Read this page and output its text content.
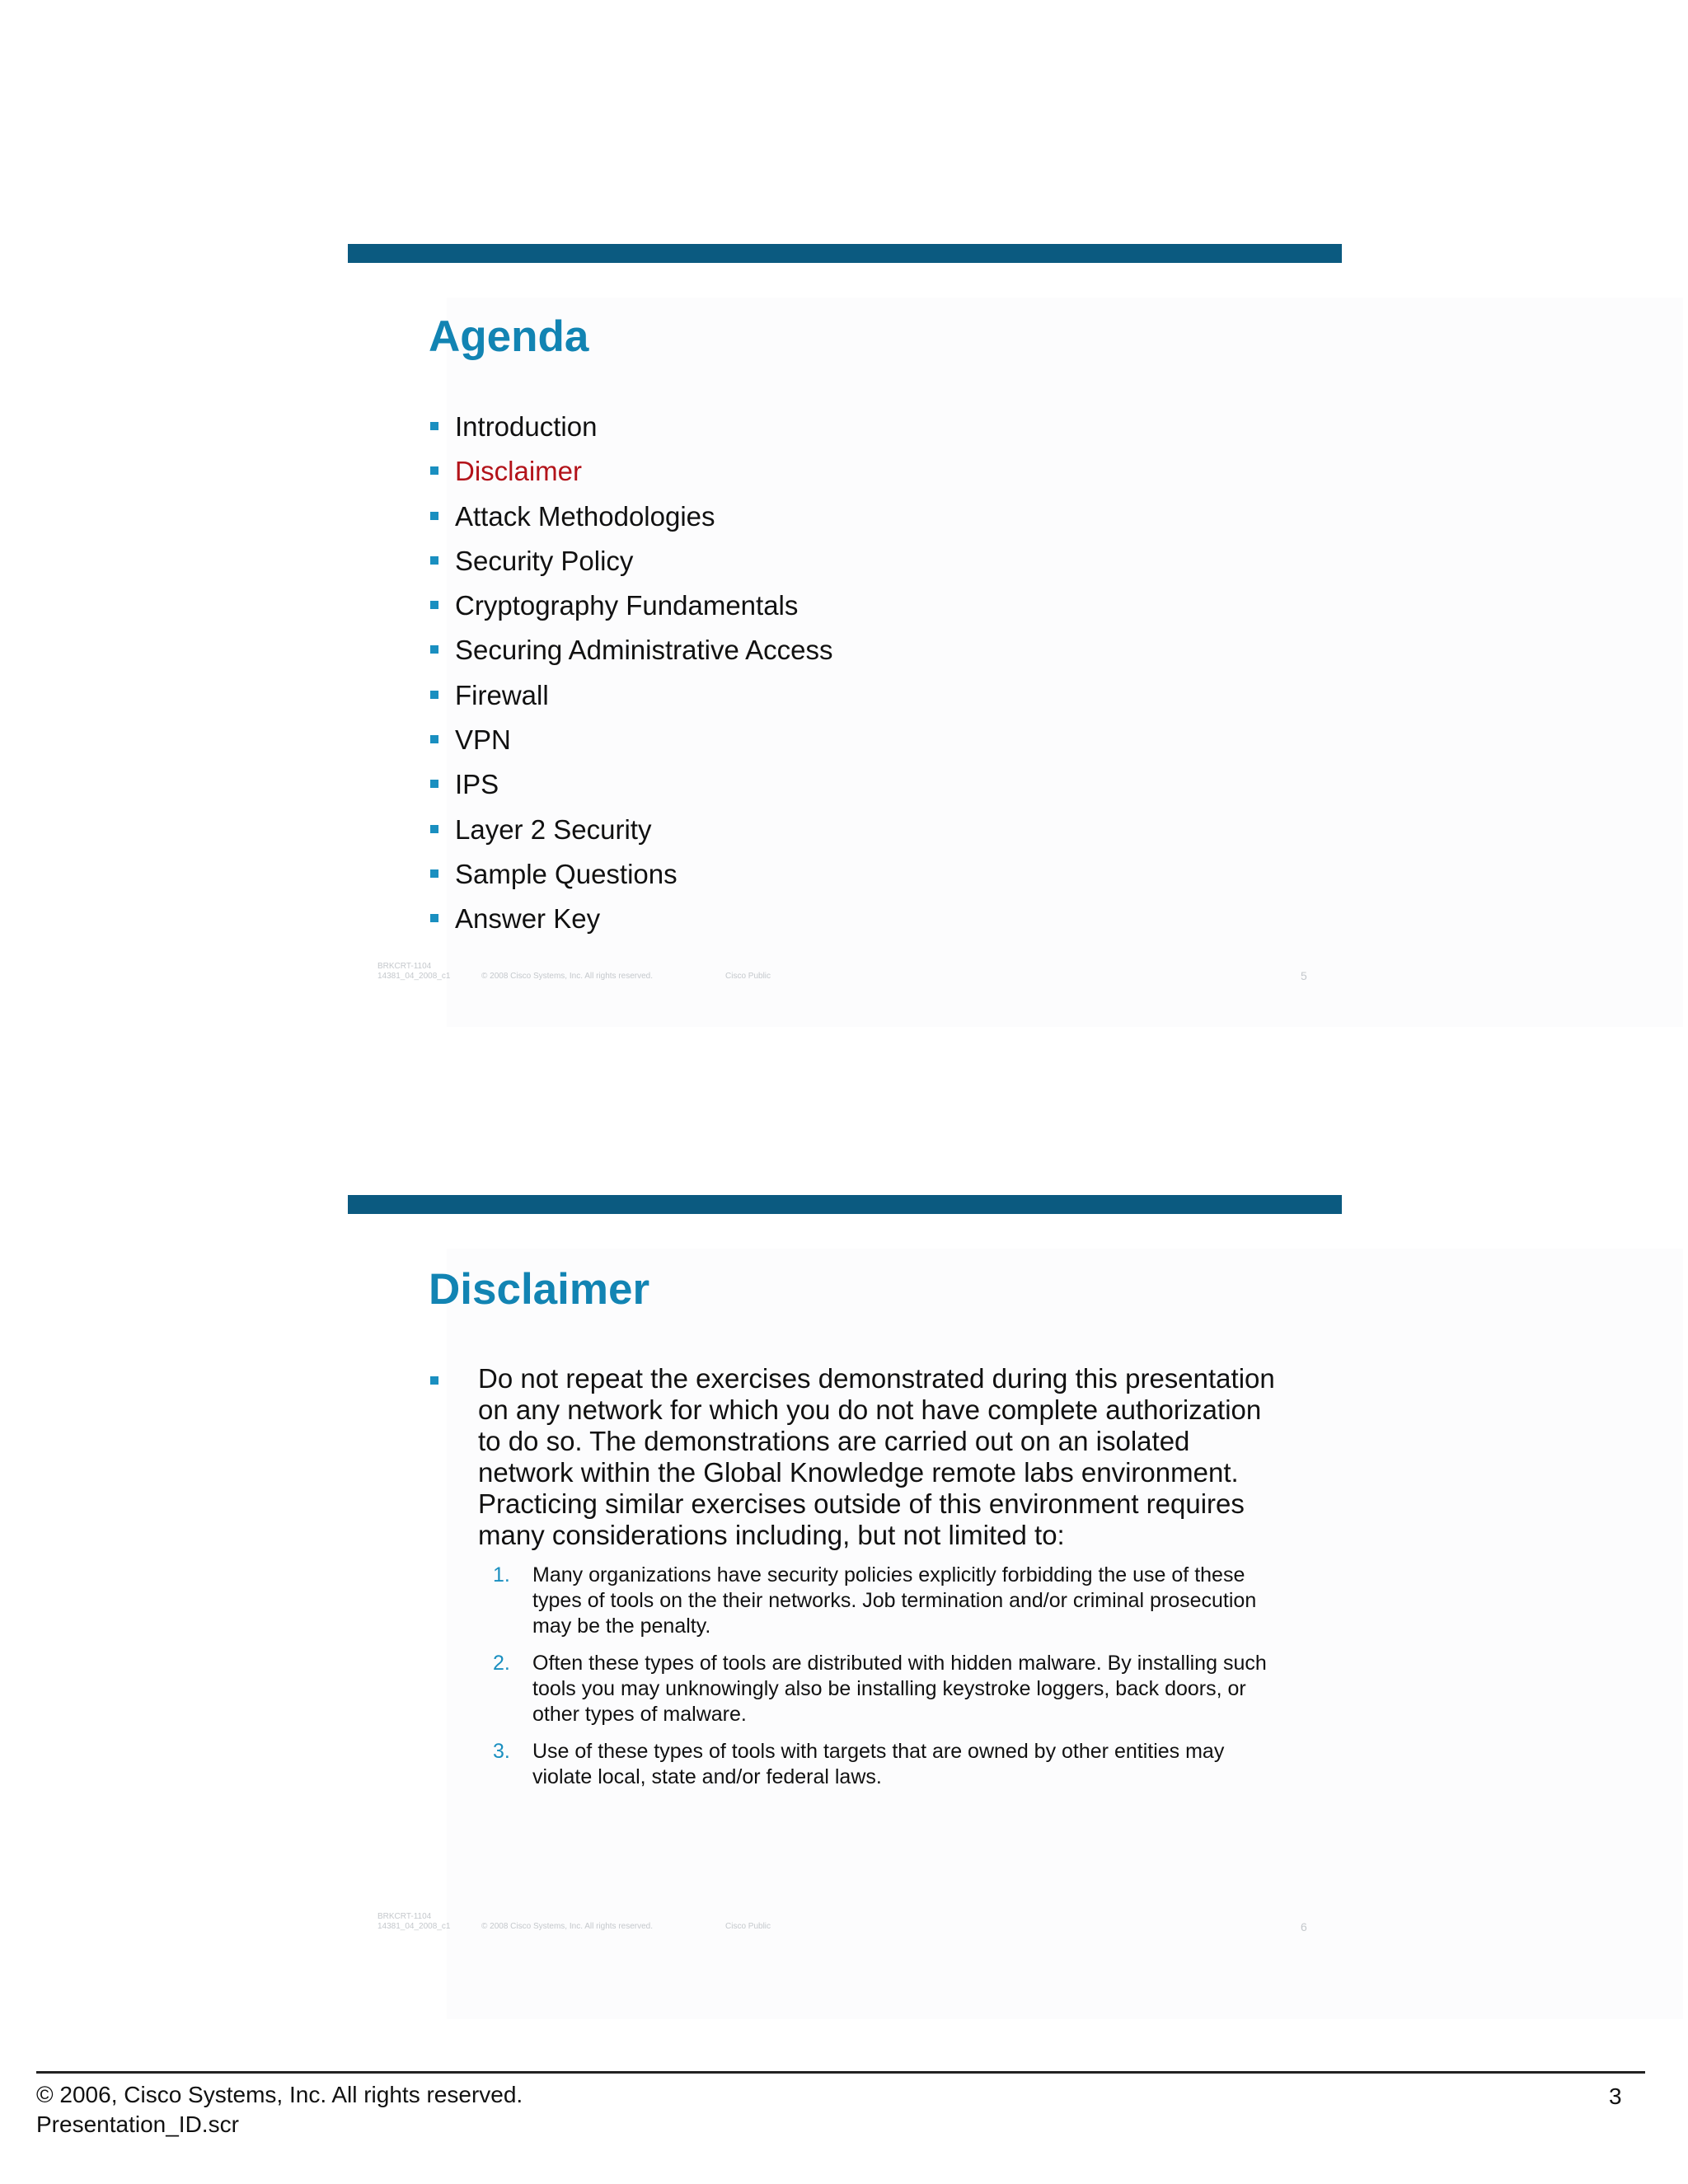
Agenda
Introduction
Disclaimer
Attack Methodologies
Security Policy
Cryptography Fundamentals
Securing Administrative Access
Firewall
VPN
IPS
Layer 2 Security
Sample Questions
Answer Key
BRKCRT-1104
14381_04_2008_c1	© 2008 Cisco Systems, Inc. All rights reserved.	Cisco Public	5
Disclaimer
Do not repeat the exercises demonstrated during this presentation on any network for which you do not have complete authorization to do so. The demonstrations are carried out on an isolated network within the Global Knowledge remote labs environment. Practicing similar exercises outside of this environment requires many considerations including, but not limited to:
1. Many organizations have security policies explicitly forbidding the use of these types of tools on the their networks. Job termination and/or criminal prosecution may be the penalty.
2. Often these types of tools are distributed with hidden malware. By installing such tools you may unknowingly also be installing keystroke loggers, back doors, or other types of malware.
3. Use of these types of tools with targets that are owned by other entities may violate local, state and/or federal laws.
BRKCRT-1104
14381_04_2008_c1	© 2008 Cisco Systems, Inc. All rights reserved.	Cisco Public	6
© 2006, Cisco Systems, Inc. All rights reserved.
Presentation_ID.scr
3
